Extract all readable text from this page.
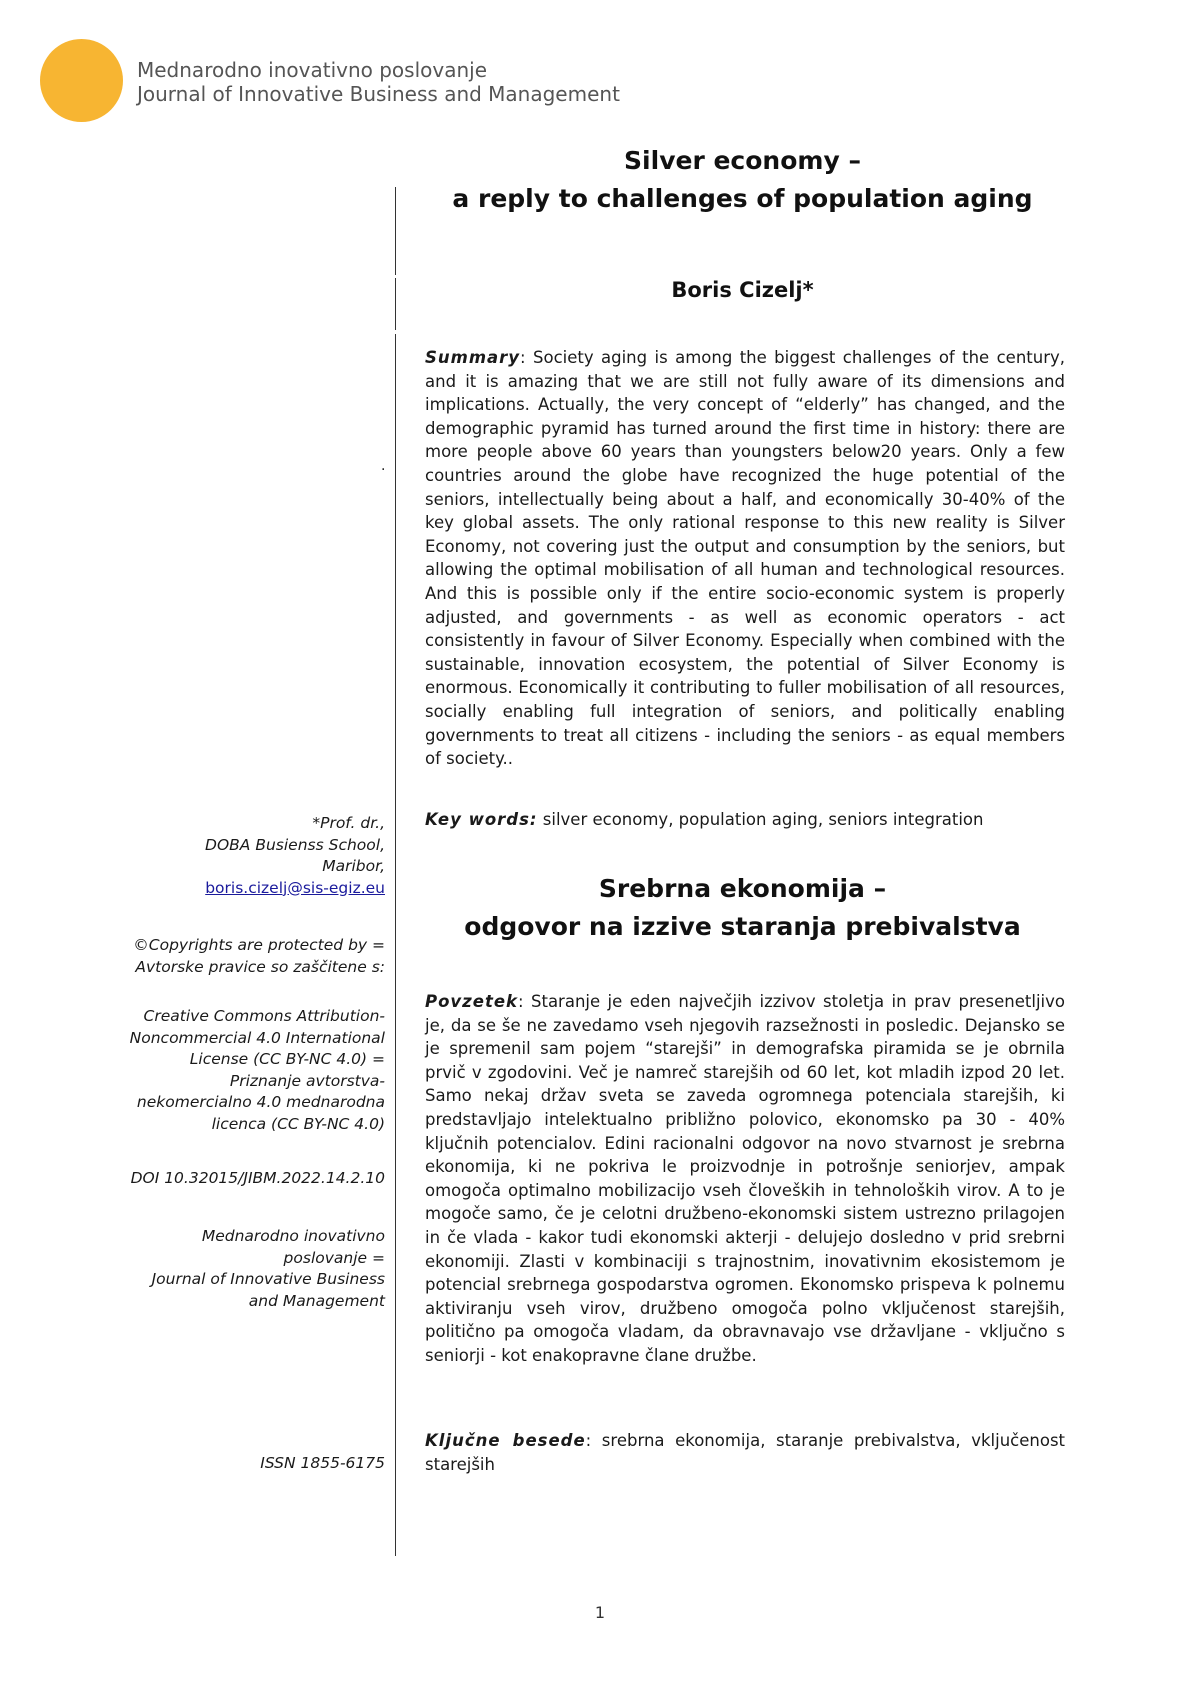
Mednarodno inovativno poslovanje
Journal of Innovative Business and Management
Silver economy –
a reply to challenges of population aging
Boris Cizelj*

Summary: Society aging is among the biggest challenges of the century, and it is amazing that we are still not fully aware of its dimensions and implications. Actually, the very concept of “elderly” has changed, and the demographic pyramid has turned around the first time in history: there are more people above 60 years than youngsters below20 years. Only a few countries around the globe have recognized the huge potential of the seniors, intellectually being about a half, and economically 30-40% of the key global assets. The only rational response to this new reality is Silver Economy, not covering just the output and consumption by the seniors, but allowing the optimal mobilisation of all human and technological resources. And this is possible only if the entire socio-economic system is properly adjusted, and governments - as well as economic operators - act consistently in favour of Silver Economy. Especially when combined with the sustainable, innovation ecosystem, the potential of Silver Economy is enormous. Economically it contributing to fuller mobilisation of all resources, socially enabling full integration of seniors, and politically enabling governments to treat all citizens - including the seniors - as equal members of society..

Key words: silver economy, population aging, seniors integration

Srebrna ekonomija –
odgovor na izzive staranja prebivalstva

Povzetek: Staranje je eden največjih izzivov stoletja in prav presenetljivo je, da se še ne zavedamo vseh njegovih razsežnosti in posledic. Dejansko se je spremenil sam pojem “starejši” in demografska piramida se je obrnila prvič v zgodovini. Več je namreč starejših od 60 let, kot mladih izpod 20 let. Samo nekaj držav sveta se zaveda ogromnega potenciala starejših, ki predstavljajo intelektualno približno polovico, ekonomsko pa 30 - 40% ključnih potencialov. Edini racionalni odgovor na novo stvarnost je srebrna ekonomija, ki ne pokriva le proizvodnje in potrošnje seniorjev, ampak omogoča optimalno mobilizacijo vseh človeških in tehnoloških virov. A to je mogoče samo, če je celotni družbeno-ekonomski sistem ustrezno prilagojen in če vlada - kakor tudi ekonomski akterji - delujejo dosledno v prid srebrni ekonomiji. Zlasti v kombinaciji s trajnostnim, inovativnim ekosistemom je potencial srebrnega gospodarstva ogromen. Ekonomsko prispeva k polnemu aktiviranju vseh virov, družbeno omogoča polno vključenost starejših, politično pa omogoča vladam, da obravnavajo vse državljane - vključno s seniorji - kot enakopravne člane družbe.

Ključne besede: srebrna ekonomija, staranje prebivalstva, vključenost starejših

·
*Prof. dr.,
DOBA Busienss School,
Maribor,
boris.cizelj@sis-egiz.eu
©Copyrights are protected by =
Avtorske pravice so zaščitene s:
Creative Commons Attribution-
Noncommercial 4.0 International
License (CC BY-NC 4.0) =
Priznanje avtorstva-
nekomercialno 4.0 mednarodna
licenca (CC BY-NC 4.0)
DOI 10.32015/JIBM.2022.14.2.10
Mednarodno inovativno
poslovanje =
Journal of Innovative Business
and Management
ISSN 1855-6175
1
